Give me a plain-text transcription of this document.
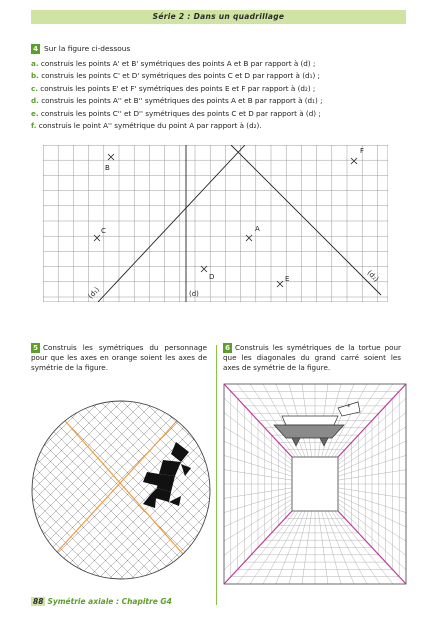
Série 2 : Dans un quadrillage
4 Sur la figure ci-dessous
a. construis les points A' et B' symétriques des points A et B par rapport à (d) ;
b. construis les points C' et D' symétriques des points C et D par rapport à (d₁) ;
c. construis les points E' et F' symétriques des points E et F par rapport à (d₂) ;
d. construis les points A'' et B'' symétriques des points A et B par rapport à (d₁) ;
e. construis les points C'' et D'' symétriques des points C et D par rapport à (d) ;
f. construis le point A'' symétrique du point A par rapport à (d₂).
B
F
C	A
D	E
(d)
(d₁)
(d₂)
5 Construis les symétriques du personnage pour que les axes en orange soient les axes de symétrie de la figure.
6 Construis les symétriques de la tortue pour que les diagonales du grand carré soient les axes de symétrie de la figure.
*
88 Symétrie axiale : Chapitre G4
